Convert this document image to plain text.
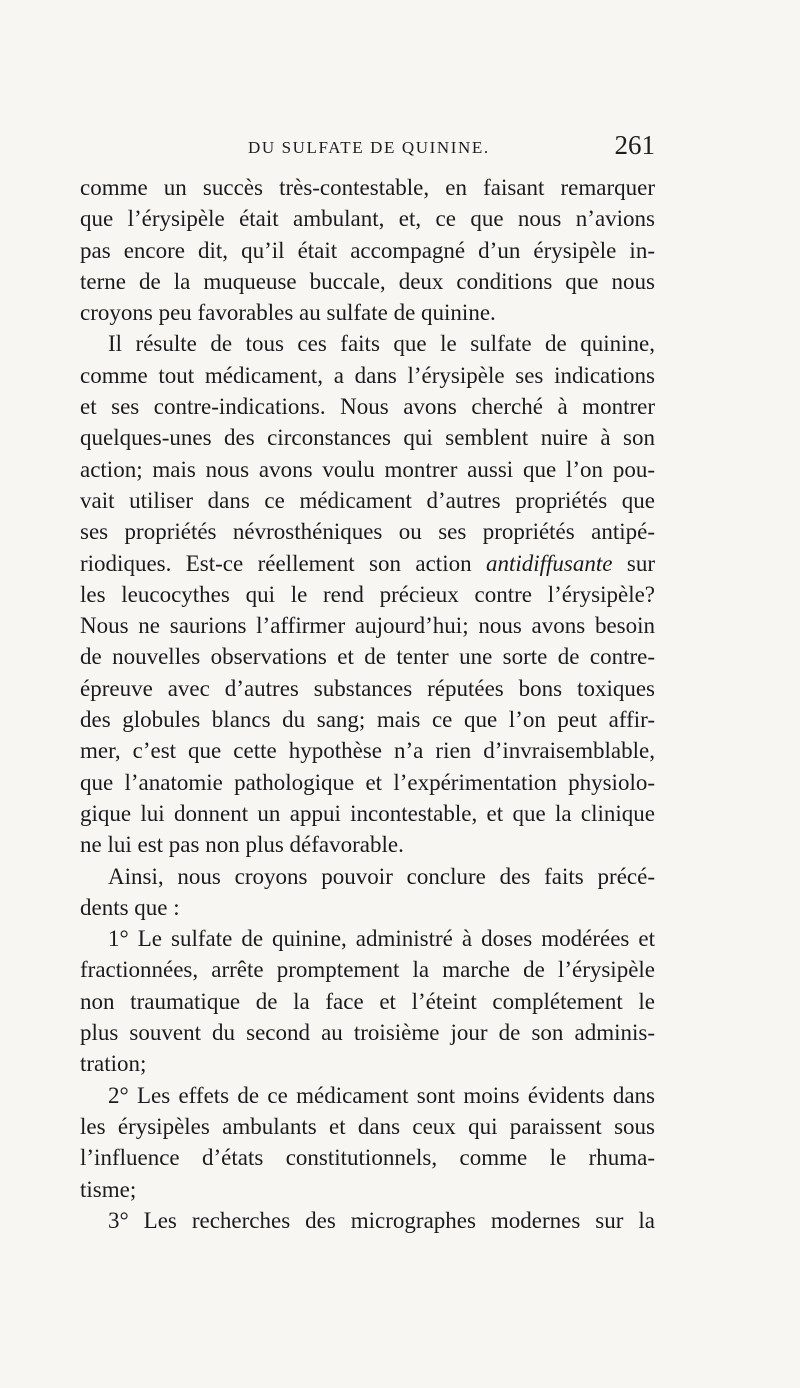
DU SULFATE DE QUININE.	261
comme un succès très-contestable, en faisant remarquer
que l’érysipèle était ambulant, et, ce que nous n’avions
pas encore dit, qu’il était accompagné d’un érysipèle in-
terne de la muqueuse buccale, deux conditions que nous
croyons peu favorables au sulfate de quinine.
Il résulte de tous ces faits que le sulfate de quinine,
comme tout médicament, a dans l’érysipèle ses indications
et ses contre-indications. Nous avons cherché à montrer
quelques-unes des circonstances qui semblent nuire à son
action; mais nous avons voulu montrer aussi que l’on pou-
vait utiliser dans ce médicament d’autres propriétés que
ses propriétés névrosthéniques ou ses propriétés antipé-
riodiques. Est-ce réellement son action antidiffusante sur
les leucocythes qui le rend précieux contre l’érysipèle?
Nous ne saurions l’affirmer aujourd’hui; nous avons besoin
de nouvelles observations et de tenter une sorte de contre-
épreuve avec d’autres substances réputées bons toxiques
des globules blancs du sang; mais ce que l’on peut affir-
mer, c’est que cette hypothèse n’a rien d’invraisemblable,
que l’anatomie pathologique et l’expérimentation physiolo-
gique lui donnent un appui incontestable, et que la clinique
ne lui est pas non plus défavorable.
Ainsi, nous croyons pouvoir conclure des faits précé-
dents que :
1° Le sulfate de quinine, administré à doses modérées et
fractionnées, arrête promptement la marche de l’érysipèle
non traumatique de la face et l’éteint complétement le
plus souvent du second au troisième jour de son adminis-
tration;
2° Les effets de ce médicament sont moins évidents dans
les érysipèles ambulants et dans ceux qui paraissent sous
l’influence d’états constitutionnels, comme le rhuma-
tisme;
3° Les recherches des micrographes modernes sur la
